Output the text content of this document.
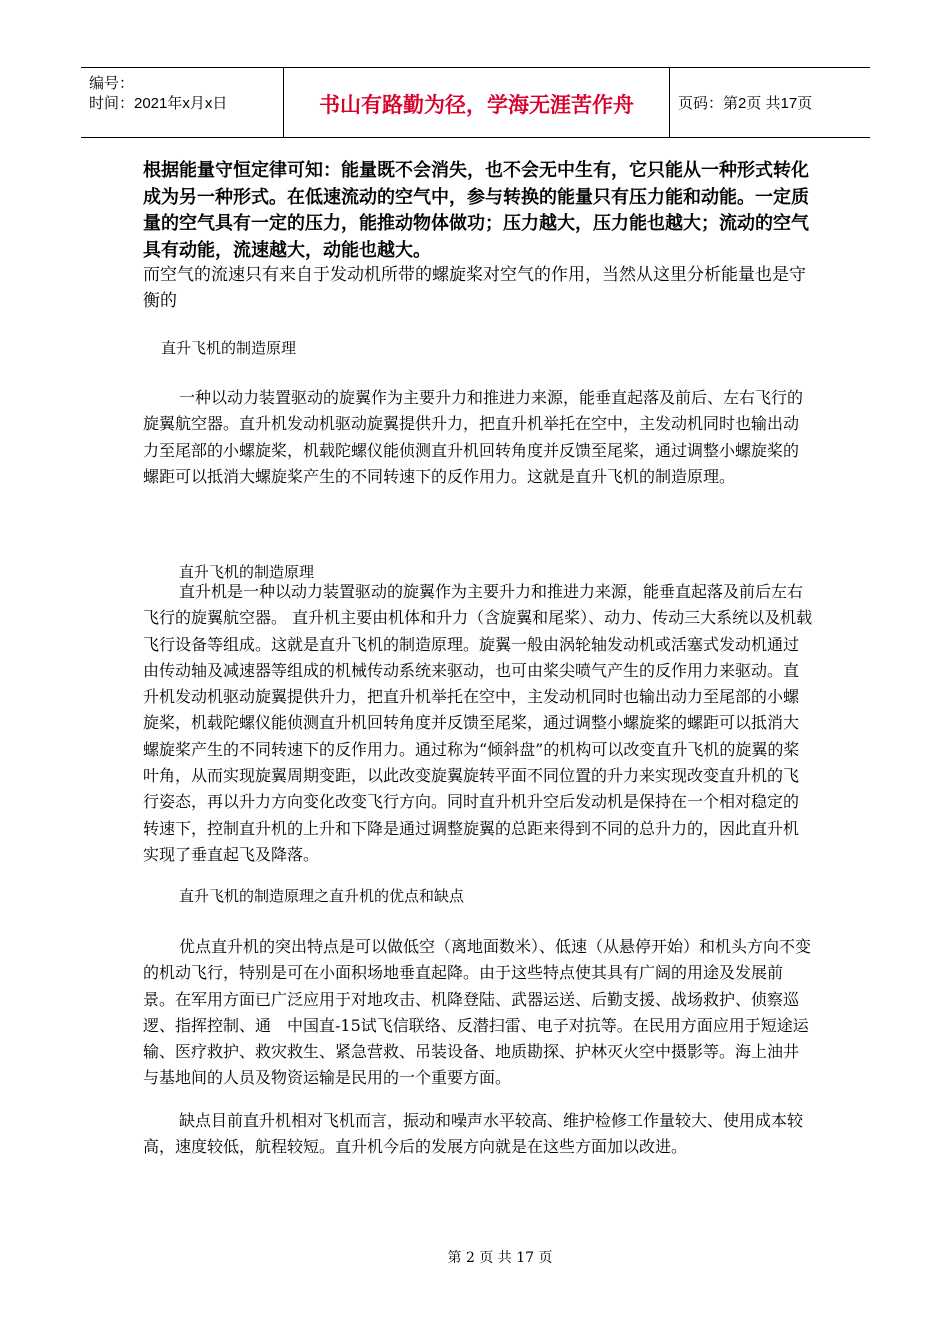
编号：
时间：2021年x月x日	书山有路勤为径，学海无涯苦作舟	页码：第2页 共17页

根据能量守恒定律可知：能量既不会消失，也不会无中生有，它只能从一种形式转化成为另一种形式。在低速流动的空气中，参与转换的能量只有压力能和动能。一定质量的空气具有一定的压力，能推动物体做功；压力越大，压力能也越大；流动的空气具有动能，流速越大，动能也越大。

而空气的流速只有来自于发动机所带的螺旋桨对空气的作用，当然从这里分析能量也是守衡的

直升飞机的制造原理

一种以动力装置驱动的旋翼作为主要升力和推进力来源，能垂直起落及前后、左右飞行的旋翼航空器。直升机发动机驱动旋翼提供升力，把直升机举托在空中，主发动机同时也输出动力至尾部的小螺旋桨，机载陀螺仪能侦测直升机回转角度并反馈至尾桨，通过调整小螺旋桨的螺距可以抵消大螺旋桨产生的不同转速下的反作用力。这就是直升飞机的制造原理。

直升飞机的制造原理

直升机是一种以动力装置驱动的旋翼作为主要升力和推进力来源，能垂直起落及前后左右飞行的旋翼航空器。 直升机主要由机体和升力（含旋翼和尾桨）、动力、传动三大系统以及机载飞行设备等组成。这就是直升飞机的制造原理。旋翼一般由涡轮轴发动机或活塞式发动机通过由传动轴及减速器等组成的机械传动系统来驱动，也可由桨尖喷气产生的反作用力来驱动。直升机发动机驱动旋翼提供升力，把直升机举托在空中，主发动机同时也输出动力至尾部的小螺旋桨，机载陀螺仪能侦测直升机回转角度并反馈至尾桨，通过调整小螺旋桨的螺距可以抵消大螺旋桨产生的不同转速下的反作用力。通过称为“倾斜盘”的机构可以改变直升飞机的旋翼的桨叶角，从而实现旋翼周期变距，以此改变旋翼旋转平面不同位置的升力来实现改变直升机的飞行姿态，再以升力方向变化改变飞行方向。同时直升机升空后发动机是保持在一个相对稳定的转速下，控制直升机的上升和下降是通过调整旋翼的总距来得到不同的总升力的，因此直升机实现了垂直起飞及降落。

直升飞机的制造原理之直升机的优点和缺点

优点直升机的突出特点是可以做低空（离地面数米）、低速（从悬停开始）和机头方向不变的机动飞行，特别是可在小面积场地垂直起降。由于这些特点使其具有广阔的用途及发展前景。在军用方面已广泛应用于对地攻击、机降登陆、武器运送、后勤支援、战场救护、侦察巡逻、指挥控制、通　中国直-15试飞信联络、反潜扫雷、电子对抗等。在民用方面应用于短途运输、医疗救护、救灾救生、紧急营救、吊装设备、地质勘探、护林灭火空中摄影等。海上油井与基地间的人员及物资运输是民用的一个重要方面。

缺点目前直升机相对飞机而言，振动和噪声水平较高、维护检修工作量较大、使用成本较高，速度较低，航程较短。直升机今后的发展方向就是在这些方面加以改进。

第 2 页 共 17 页
